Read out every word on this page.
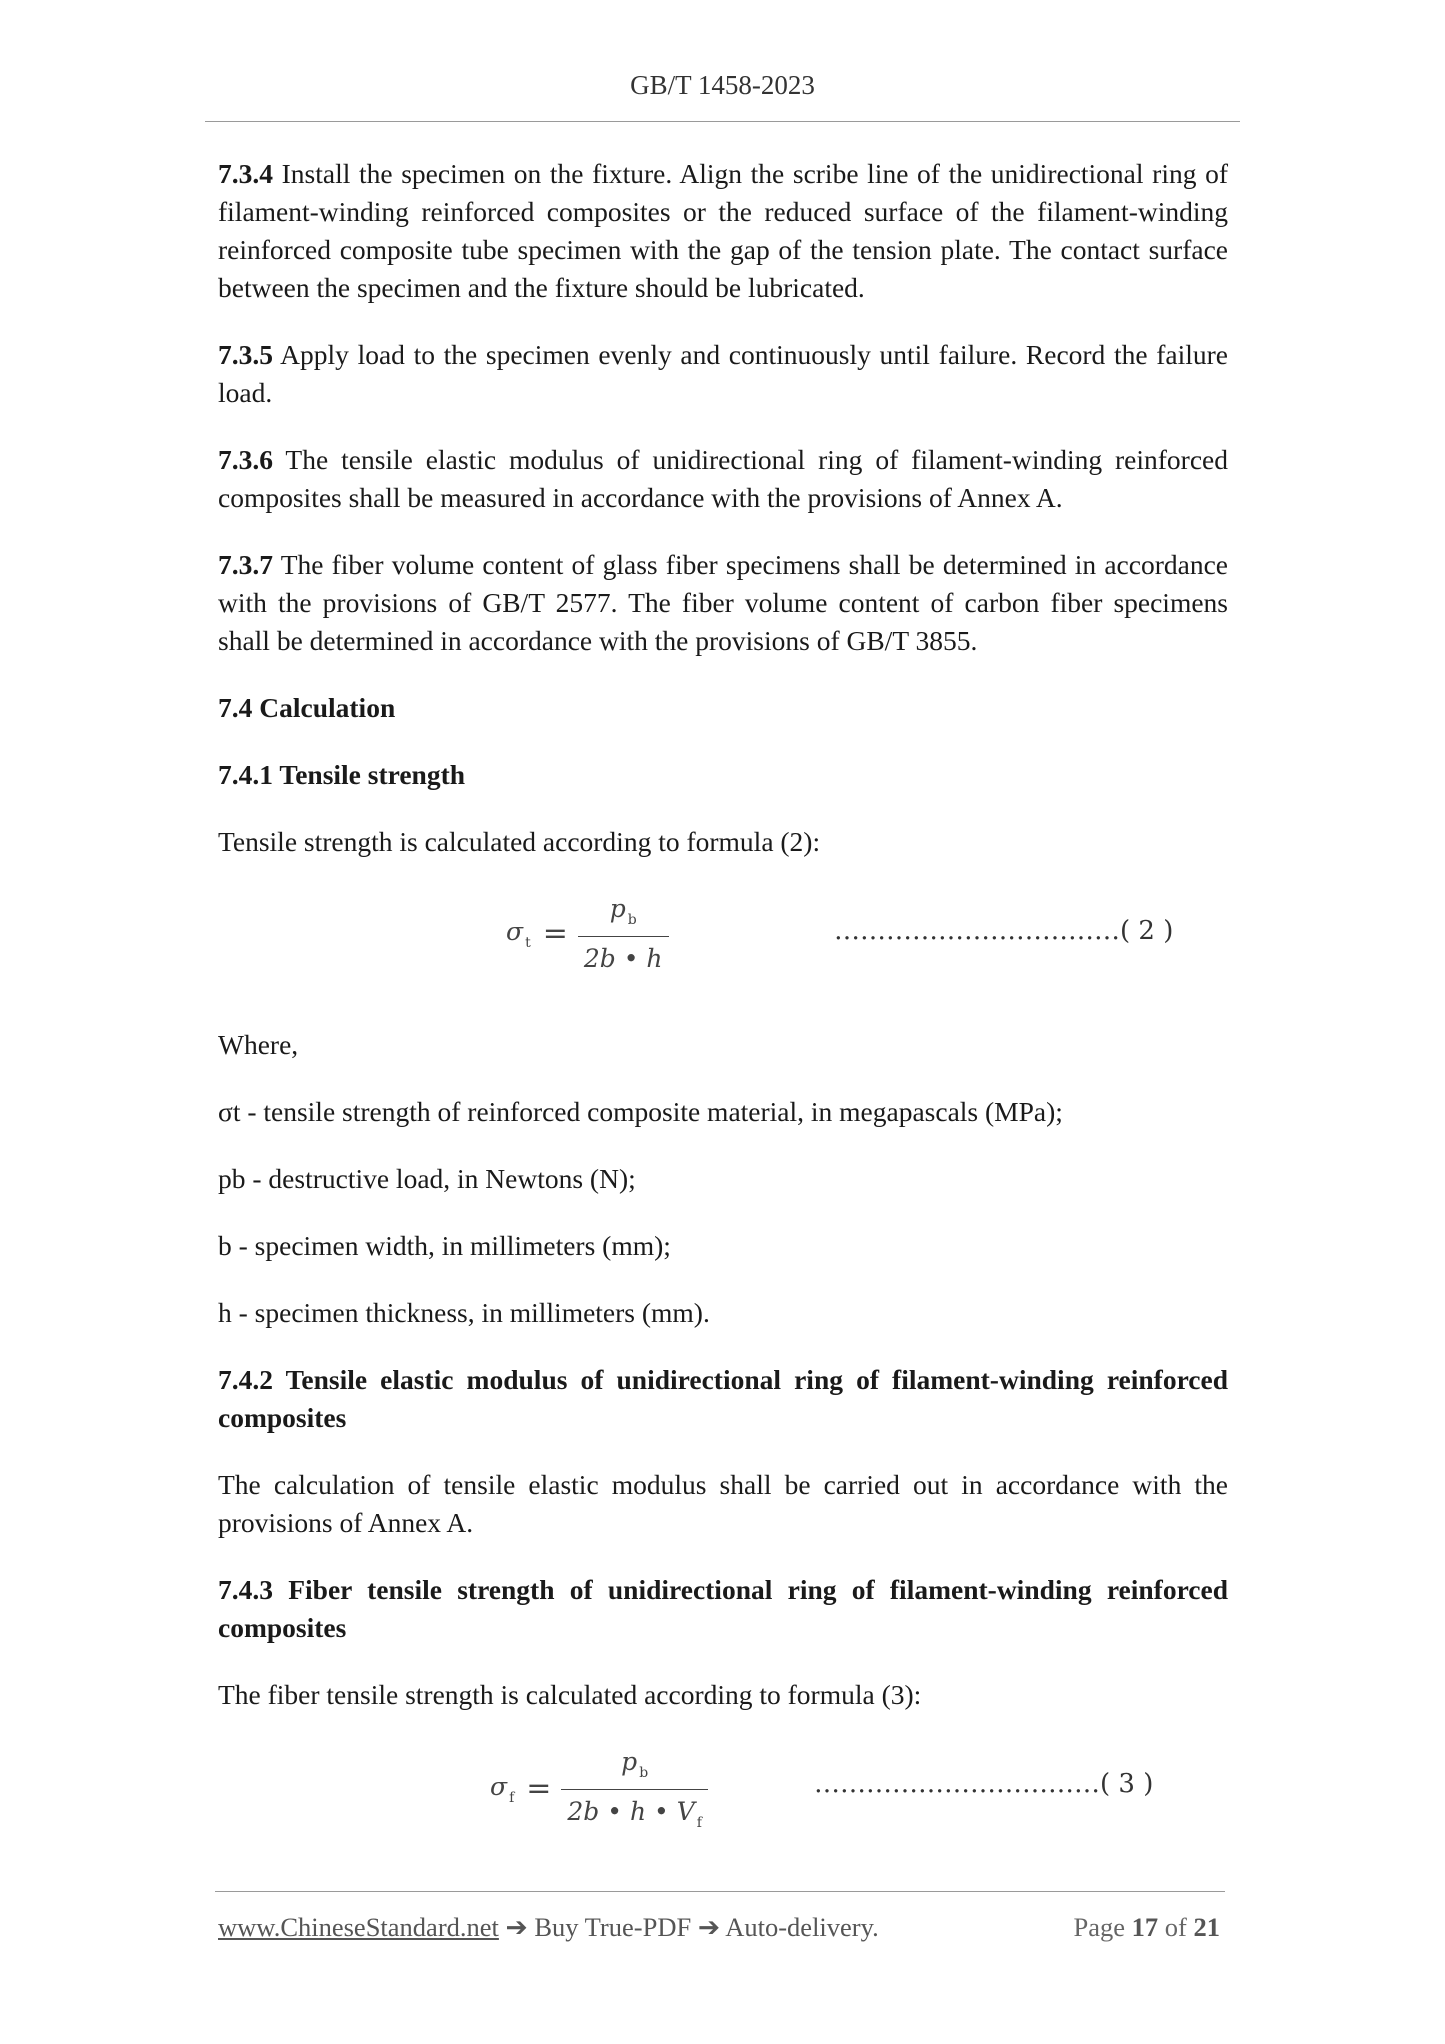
GB/T 1458-2023

7.3.4 Install the specimen on the fixture. Align the scribe line of the unidirectional ring of filament-winding reinforced composites or the reduced surface of the filament-winding reinforced composite tube specimen with the gap of the tension plate. The contact surface between the specimen and the fixture should be lubricated.

7.3.5 Apply load to the specimen evenly and continuously until failure. Record the failure load.

7.3.6 The tensile elastic modulus of unidirectional ring of filament-winding reinforced composites shall be measured in accordance with the provisions of Annex A.

7.3.7 The fiber volume content of glass fiber specimens shall be determined in accordance with the provisions of GB/T 2577. The fiber volume content of carbon fiber specimens shall be determined in accordance with the provisions of GB/T 3855.

7.4 Calculation

7.4.1 Tensile strength

Tensile strength is calculated according to formula (2):

σ $_t = \frac{p _b}{2b • h}$	……………………………( 2 )

Where,

σt - tensile strength of reinforced composite material, in megapascals (MPa);

pb - destructive load, in Newtons (N);

b - specimen width, in millimeters (mm);

h - specimen thickness, in millimeters (mm).

7.4.2 Tensile elastic modulus of unidirectional ring of filament-winding reinforced composites

The calculation of tensile elastic modulus shall be carried out in accordance with the provisions of Annex A.

7.4.3 Fiber tensile strength of unidirectional ring of filament-winding reinforced composites

The fiber tensile strength is calculated according to formula (3):

σ $_f = \frac{p _b}{2b • h • V _f}$	……………………………( 3 )
www.ChineseStandard.net ➔ Buy True-PDF ➔ Auto-delivery.	Page 17 of 21
